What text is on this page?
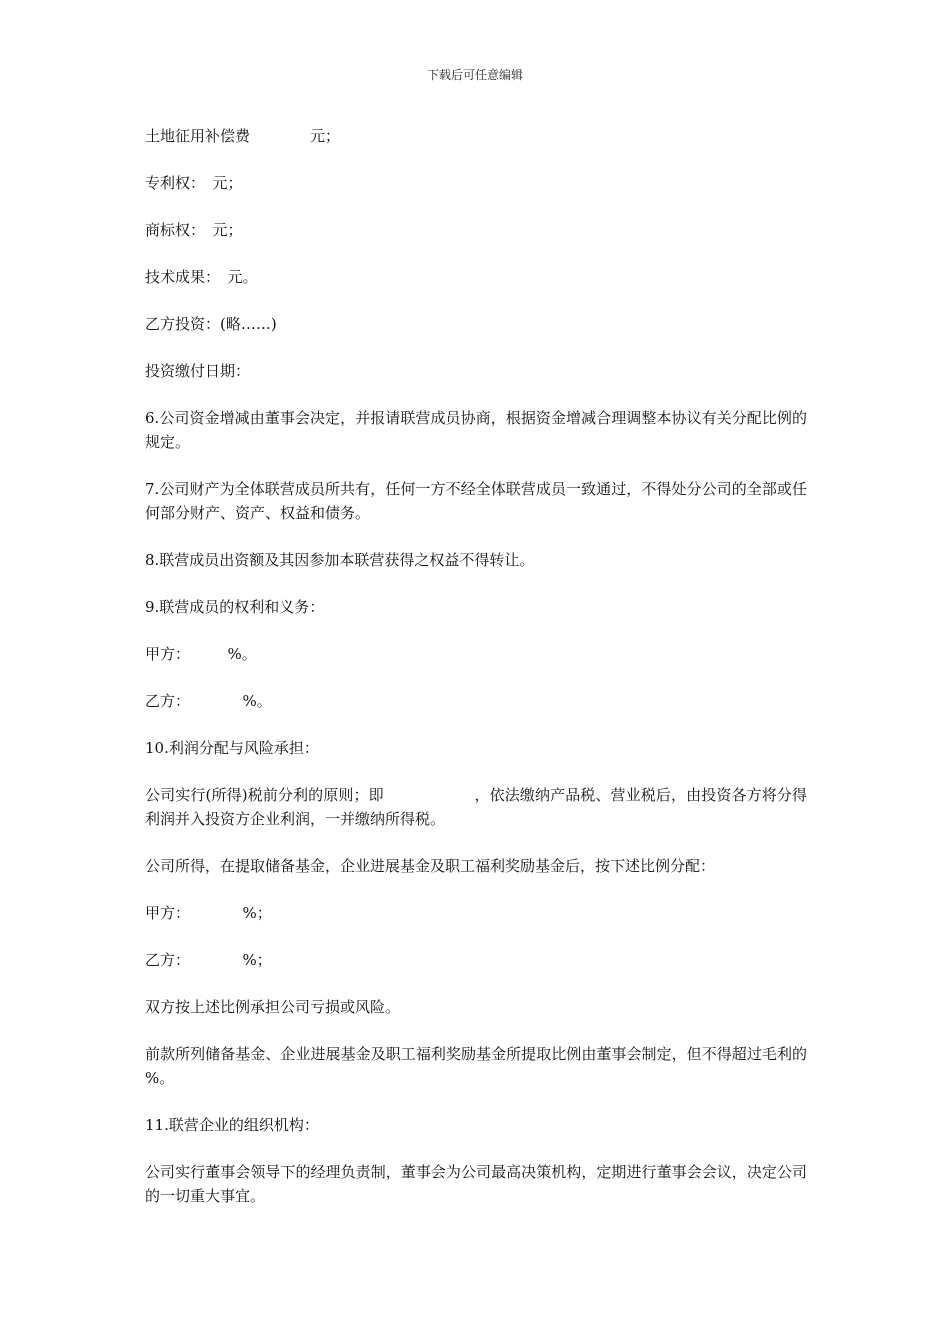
下载后可任意编辑

土地征用补偿费　　　　元；

专利权：　元；

商标权：　元；

技术成果：　元。

乙方投资：(略……)

投资缴付日期：

6.公司资金增减由董事会决定，并报请联营成员协商，根据资金增减合理调整本协议有关分配比例的规定。

7.公司财产为全体联营成员所共有，任何一方不经全体联营成员一致通过，不得处分公司的全部或任何部分财产、资产、权益和债务。

8.联营成员出资额及其因参加本联营获得之权益不得转让。

9.联营成员的权利和义务：

甲方：　　　%。

乙方：　　　　%。

10.利润分配与风险承担：

公司实行(所得)税前分利的原则；即　　　　　　，依法缴纳产品税、营业税后，由投资各方将分得利润并入投资方企业利润，一并缴纳所得税。

公司所得，在提取储备基金，企业进展基金及职工福利奖励基金后，按下述比例分配：

甲方：　　　　%；

乙方：　　　　%；

双方按上述比例承担公司亏损或风险。

前款所列储备基金、企业进展基金及职工福利奖励基金所提取比例由董事会制定，但不得超过毛利的　　%。

11.联营企业的组织机构：

公司实行董事会领导下的经理负责制，董事会为公司最高决策机构，定期进行董事会会议，决定公司的一切重大事宜。
